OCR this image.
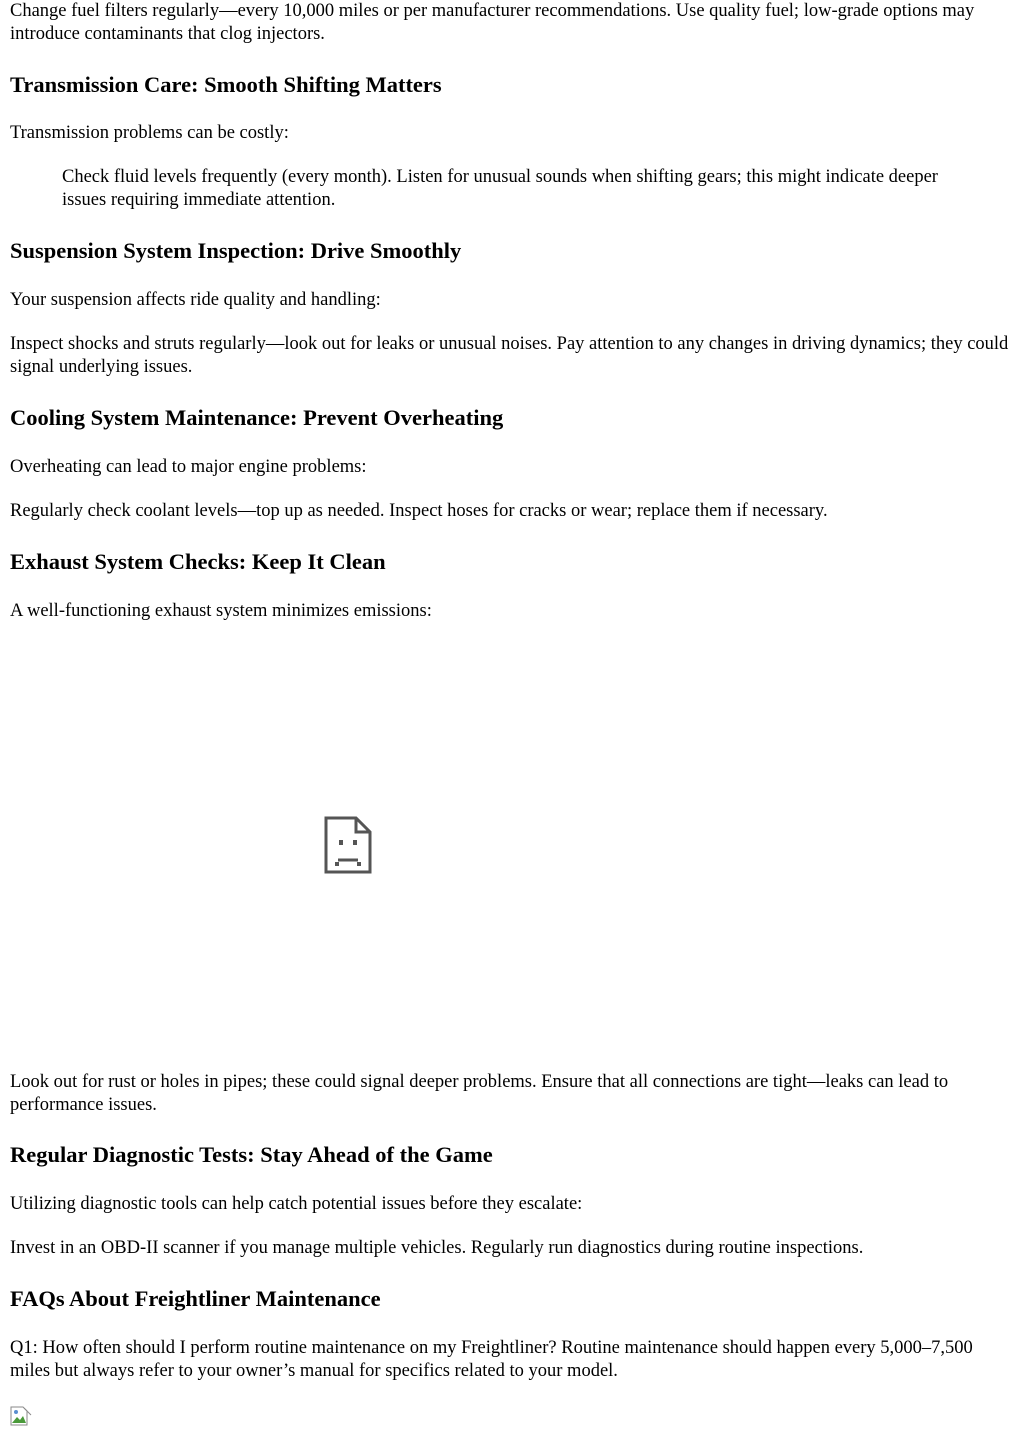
Change fuel filters regularly—every 10,000 miles or per manufacturer recommendations. Use quality fuel; low-grade options may introduce contaminants that clog injectors.

Transmission Care: Smooth Shifting Matters

Transmission problems can be costly:

Check fluid levels frequently (every month). Listen for unusual sounds when shifting gears; this might indicate deeper issues requiring immediate attention.

Suspension System Inspection: Drive Smoothly

Your suspension affects ride quality and handling:

Inspect shocks and struts regularly—look out for leaks or unusual noises. Pay attention to any changes in driving dynamics; they could signal underlying issues.

Cooling System Maintenance: Prevent Overheating

Overheating can lead to major engine problems:

Regularly check coolant levels—top up as needed. Inspect hoses for cracks or wear; replace them if necessary.

Exhaust System Checks: Keep It Clean

A well-functioning exhaust system minimizes emissions:

Look out for rust or holes in pipes; these could signal deeper problems. Ensure that all connections are tight—leaks can lead to performance issues.

Regular Diagnostic Tests: Stay Ahead of the Game

Utilizing diagnostic tools can help catch potential issues before they escalate:

Invest in an OBD-II scanner if you manage multiple vehicles. Regularly run diagnostics during routine inspections.

FAQs About Freightliner Maintenance

Q1: How often should I perform routine maintenance on my Freightliner? Routine maintenance should happen every 5,000–7,500 miles but always refer to your owner’s manual for specifics related to your model.
